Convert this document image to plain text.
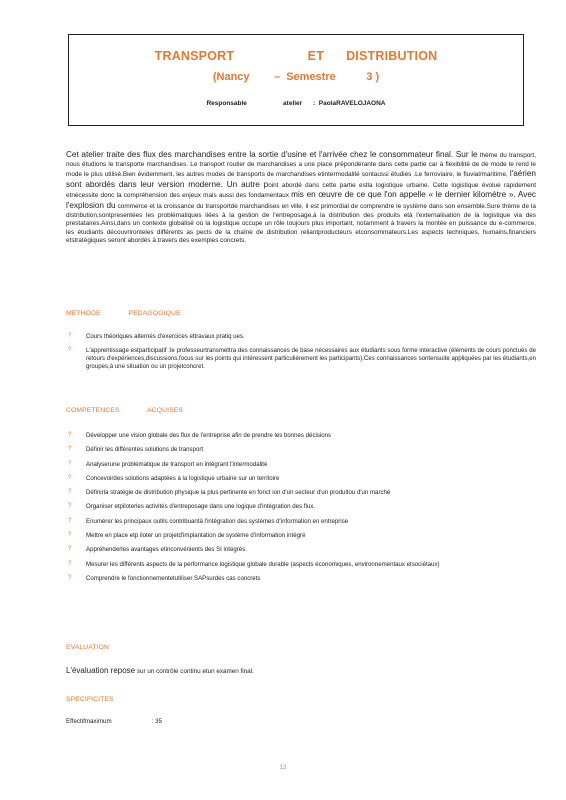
TRANSPORT                    ET      DISTRIBUTION
(Nancy        –  Semestre          3 )
Responsable                    atelier      :  PaolaRAVELOJAONA
Cet atelier traite des flux des marchandises entre la sortie d'usine et l'arrivée chez le consommateur final. Sur le thème du transport, nous étudions le transporte marchandises. Le transport routier de marchandises a une place prépondérante dans cette partie car à flexibilité de de mode le rend le mode le plus utilisé.Bien évidemment, les autres modes de transports de marchandises etintermodalité sontaussi étudiés .Le ferroviaire, le fluvial/maritime, l'aérien sont abordés dans leur version moderne. Un autre point abordé dans cette partie estla logistique urbaine. Cette logistique évolue rapidement etnécessite donc la compréhension des enjeux mais aussi des fondamentaux mis en œuvre de ce que l'on appelle « le dernier kilomètre ». Avec l'explosion du commerce et la croissance du transportde marchandises en ville, il est primordial de comprendre le système dans son ensemble.Sure thème de la distribution,sontpresentées les problématiques liées à la gestion de l'entreposage,à la distribution des produits età l'externalisation de la logistique via des prestataires.Ainsi,dans un contexte globalisé où la logistique occupe un rôle toujours plus important, notamment à travers la montée en puissance du e-commerce, les étudiants découvrironteles différents as pects de la chaîne de distribution reliantproducteurs etconsommateurs.Les aspects techniques, humains,financiers etstratégiques seront abordés à travers des exemples concrets.
METHODE              PEDAGOGIQUE
? Cours théoriques alternés d'exercices ettravaux pratiq ues.
? L'apprentissage estparticipatif :le professeurtransmettra des connaissances de base nécessaires aux étudiants sous forme interactive (éléments de cours ponctués de retours d'expériences,discussions,focus sur les points qui intéressent particulièrement les participants).Ces connaissances sontensuite appliquées par les étudiants,en groupes,à une situation ou un projetconcret.
COMPETENCES              ACQUISES
? Développer une vision globale des flux de l'entreprise afin de prendre les bonnes décisions
? Définir les différentes solutions de transport
? Analyserune problématique de transport en intégrant l'intermodalité
? Concevoirdes solutions adaptées à la logistique urbaine sur un territoire
? Définirla stratégie de distribution physique la plus pertinente en fonct ion d'un secteur d'un produitou d'un marché
? Organiser etpiloterles activités d'entreposage dans une logique d'intégration des flux.
? Enumérer les principaux outils contribuantà l'intégration des systèmes d'information en entreprise
? Mettre en place etp iloter un projetd'implantation de système d'information intégré
? Appréhenderles avantages etinconvénients des SI intégrés.
? Mesurer les différents aspects de la performance logistique globale durable (aspects économiques, environnementaux etsociétaux)
? Comprendre le fonctionnementetutiliser SAPsurdes cas concrets
EVALUATION
L'évaluation repose sur un contrôle continu etun examen final.
SPECIFICITES
Effectifmaximum	: 35
12
